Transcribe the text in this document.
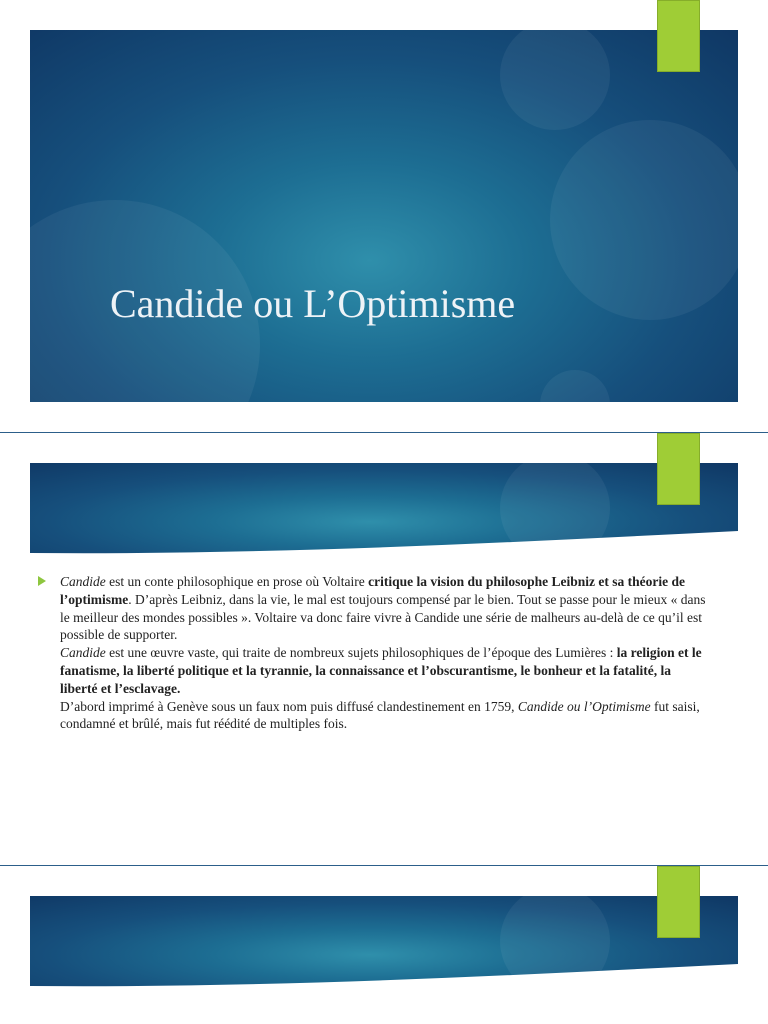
Candide ou L’Optimisme

Candide est un conte philosophique en prose où Voltaire critique la vision du philosophe Leibniz et sa théorie de l’optimisme. D’après Leibniz, dans la vie, le mal est toujours compensé par le bien. Tout se passe pour le mieux « dans le meilleur des mondes possibles ». Voltaire va donc faire vivre à Candide une série de malheurs au-delà de ce qu’il est possible de supporter.

Candide est une œuvre vaste, qui traite de nombreux sujets philosophiques de l’époque des Lumières : la religion et le fanatisme, la liberté politique et la tyrannie, la connaissance et l’obscurantisme, le bonheur et la fatalité, la liberté et l’esclavage.

D’abord imprimé à Genève sous un faux nom puis diffusé clandestinement en 1759, Candide ou l’Optimisme fut saisi, condamné et brûlé, mais fut réédité de multiples fois.
